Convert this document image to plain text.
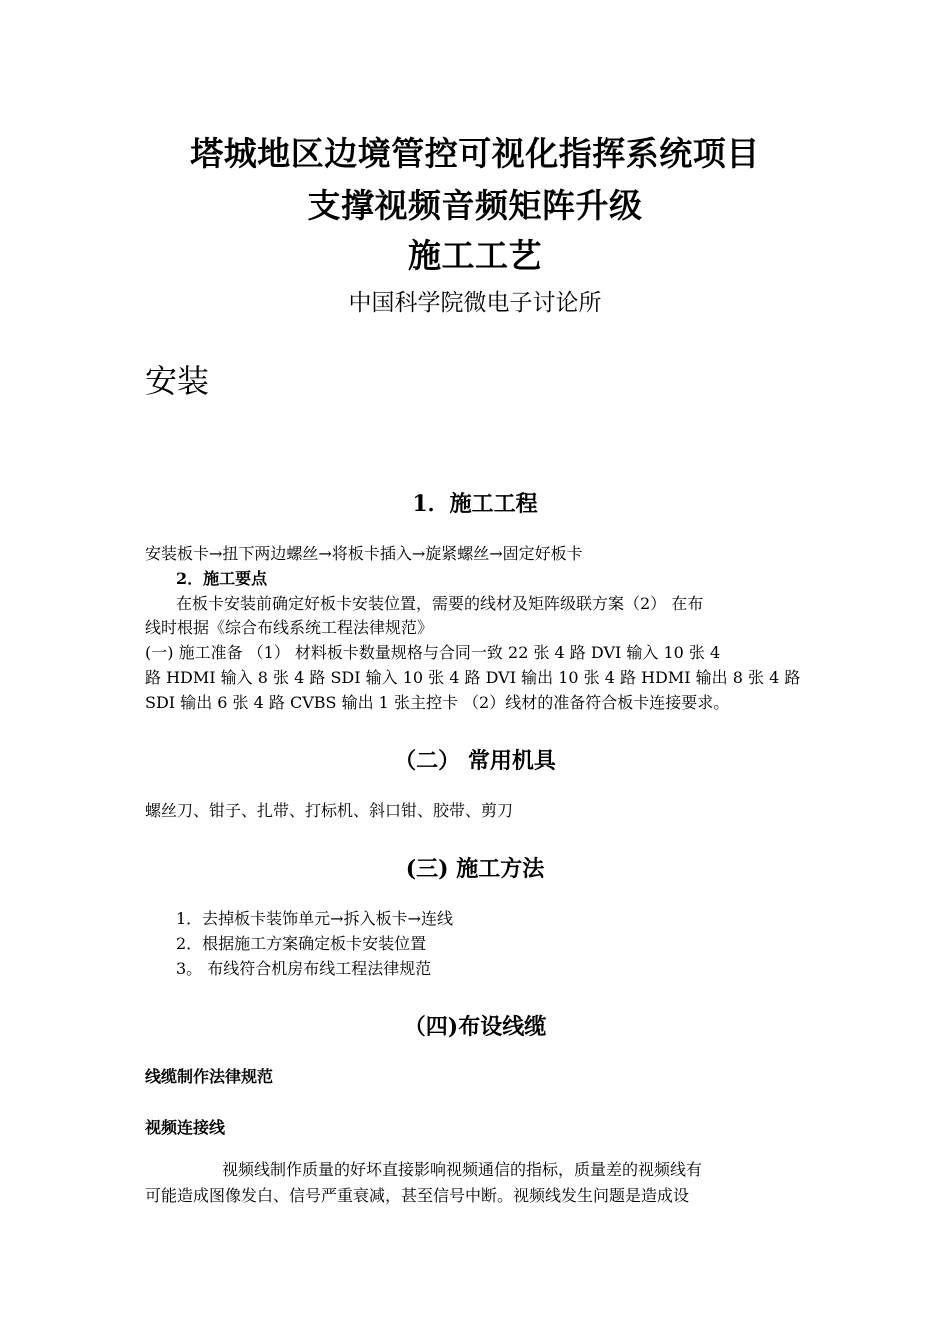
塔城地区边境管控可视化指挥系统项目
支撑视频音频矩阵升级
施工工艺
中国科学院微电子讨论所
安装
1．施工工程
安装板卡→扭下两边螺丝→将板卡插入→旋紧螺丝→固定好板卡
2．施工要点
在板卡安装前确定好板卡安装位置，需要的线材及矩阵级联方案（2） 在布
线时根据《综合布线系统工程法律规范》
(一) 施工准备 （1） 材料板卡数量规格与合同一致 22 张 4 路 DVI 输入 10 张 4
路 HDMI 输入 8 张 4 路 SDI 输入 10 张 4 路 DVI 输出 10 张 4 路 HDMI 输出 8 张 4 路
SDI 输出 6 张 4 路 CVBS 输出 1 张主控卡 （2）线材的准备符合板卡连接要求。
（二） 常用机具
螺丝刀、钳子、扎带、打标机、斜口钳、胶带、剪刀
(三) 施工方法
1．去掉板卡装饰单元→拆入板卡→连线
2．根据施工方案确定板卡安装位置
3。 布线符合机房布线工程法律规范
（四)布设线缆
线缆制作法律规范
视频连接线
视频线制作质量的好坏直接影响视频通信的指标，质量差的视频线有
可能造成图像发白、信号严重衰减，甚至信号中断。视频线发生问题是造成设
